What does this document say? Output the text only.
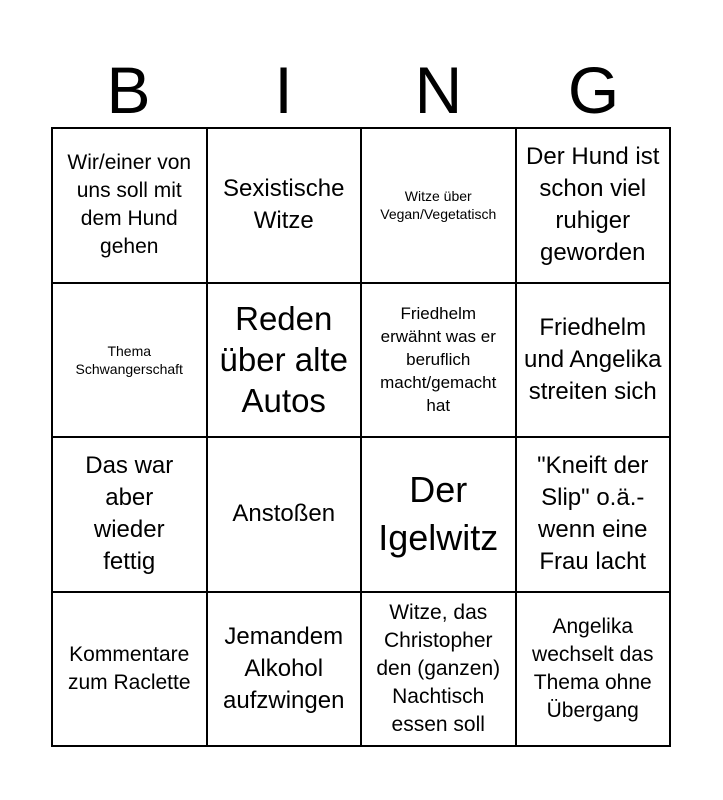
B	I	N	G
Wir/einer von uns soll mit dem Hund gehen
Sexistische Witze
Witze über Vegan/Vegetatisch
Der Hund ist schon viel ruhiger geworden
Thema Schwangerschaft
Reden über alte Autos
Friedhelm erwähnt was er beruflich macht/gemacht hat
Friedhelm und Angelika streiten sich
Das war aber wieder fettig
Anstoßen
Der Igelwitz
"Kneift der Slip" o.ä.- wenn eine Frau lacht
Kommentare zum Raclette
Jemandem Alkohol aufzwingen
Witze, das Christopher den (ganzen) Nachtisch essen soll
Angelika wechselt das Thema ohne Übergang
